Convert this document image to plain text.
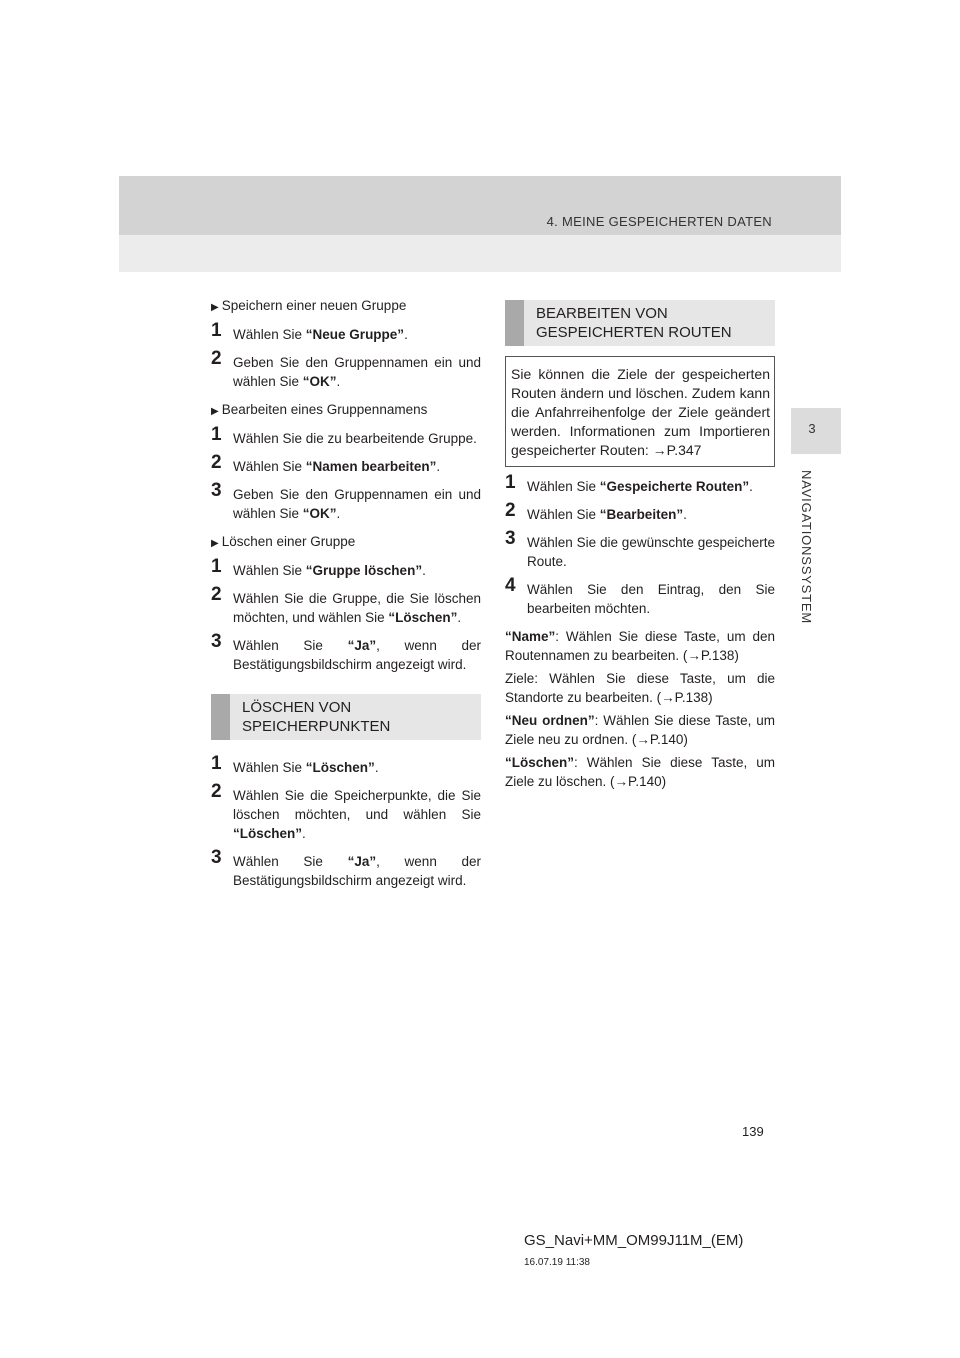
4. MEINE GESPEICHERTEN DATEN
3
NAVIGATIONSSYSTEM
▶ Speichern einer neuen Gruppe
1 Wählen Sie “Neue Gruppe”.
2 Geben Sie den Gruppennamen ein und wählen Sie “OK”.
▶ Bearbeiten eines Gruppennamens
1 Wählen Sie die zu bearbeitende Gruppe.
2 Wählen Sie “Namen bearbeiten”.
3 Geben Sie den Gruppennamen ein und wählen Sie “OK”.
▶ Löschen einer Gruppe
1 Wählen Sie “Gruppe löschen”.
2 Wählen Sie die Gruppe, die Sie löschen möchten, und wählen Sie “Löschen”.
3 Wählen Sie “Ja”, wenn der Bestätigungsbildschirm angezeigt wird.
LÖSCHEN VON
SPEICHERPUNKTEN
1 Wählen Sie “Löschen”.
2 Wählen Sie die Speicherpunkte, die Sie löschen möchten, und wählen Sie “Löschen”.
3 Wählen Sie “Ja”, wenn der Bestätigungsbildschirm angezeigt wird.
BEARBEITEN VON
GESPEICHERTEN ROUTEN
Sie können die Ziele der gespeicherten Routen ändern und löschen. Zudem kann die Anfahrreihenfolge der Ziele geändert werden. Informationen zum Importieren gespeicherter Routen: →P.347
1 Wählen Sie “Gespeicherte Routen”.
2 Wählen Sie “Bearbeiten”.
3 Wählen Sie die gewünschte gespeicherte Route.
4 Wählen Sie den Eintrag, den Sie bearbeiten möchten.

“Name”: Wählen Sie diese Taste, um den Routennamen zu bearbeiten. (→P.138)

Ziele: Wählen Sie diese Taste, um die Standorte zu bearbeiten. (→P.138)

“Neu ordnen”: Wählen Sie diese Taste, um Ziele neu zu ordnen. (→P.140)

“Löschen”: Wählen Sie diese Taste, um Ziele zu löschen. (→P.140)

139
GS_Navi+MM_OM99J11M_(EM)
16.07.19 11:38
